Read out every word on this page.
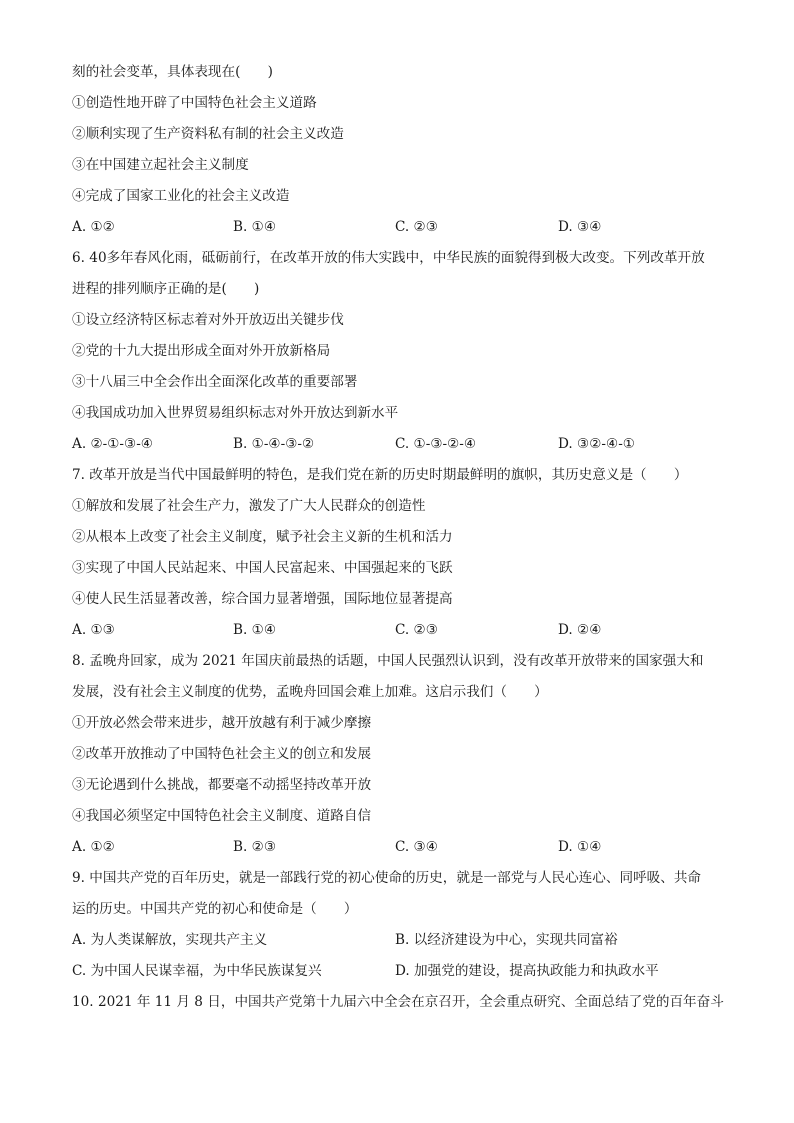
刻的社会变革，具体表现在(　　)
①创造性地开辟了中国特色社会主义道路
②顺利实现了生产资料私有制的社会主义改造
③在中国建立起社会主义制度
④完成了国家工业化的社会主义改造
A. ①②	B. ①④	C. ②③	D. ③④
6. 40多年春风化雨，砥砺前行，在改革开放的伟大实践中，中华民族的面貌得到极大改变。下列改革开放
进程的排列顺序正确的是(　　)
①设立经济特区标志着对外开放迈出关键步伐
②党的十九大提出形成全面对外开放新格局
③十八届三中全会作出全面深化改革的重要部署
④我国成功加入世界贸易组织标志对外开放达到新水平
A. ②-①-③-④	B. ①-④-③-②	C. ①-③-②-④	D. ③②-④-①
7. 改革开放是当代中国最鲜明的特色，是我们党在新的历史时期最鲜明的旗帜，其历史意义是（　　）
①解放和发展了社会生产力，激发了广大人民群众的创造性
②从根本上改变了社会主义制度，赋予社会主义新的生机和活力
③实现了中国人民站起来、中国人民富起来、中国强起来的飞跃
④使人民生活显著改善，综合国力显著增强，国际地位显著提高
A. ①③	B. ①④	C. ②③	D. ②④
8. 孟晚舟回家，成为 2021 年国庆前最热的话题，中国人民强烈认识到，没有改革开放带来的国家强大和
发展，没有社会主义制度的优势，孟晚舟回国会难上加难。这启示我们（　　）
①开放必然会带来进步，越开放越有利于减少摩擦
②改革开放推动了中国特色社会主义的创立和发展
③无论遇到什么挑战，都要毫不动摇坚持改革开放
④我国必须坚定中国特色社会主义制度、道路自信
A. ①②	B. ②③	C. ③④	D. ①④
9. 中国共产党的百年历史，就是一部践行党的初心使命的历史，就是一部党与人民心连心、同呼吸、共命
运的历史。中国共产党的初心和使命是（　　）
A. 为人类谋解放，实现共产主义	B. 以经济建设为中心，实现共同富裕
C. 为中国人民谋幸福，为中华民族谋复兴	D. 加强党的建设，提高执政能力和执政水平
10. 2021 年 11 月 8 日，中国共产党第十九届六中全会在京召开，全会重点研究、全面总结了党的百年奋斗
